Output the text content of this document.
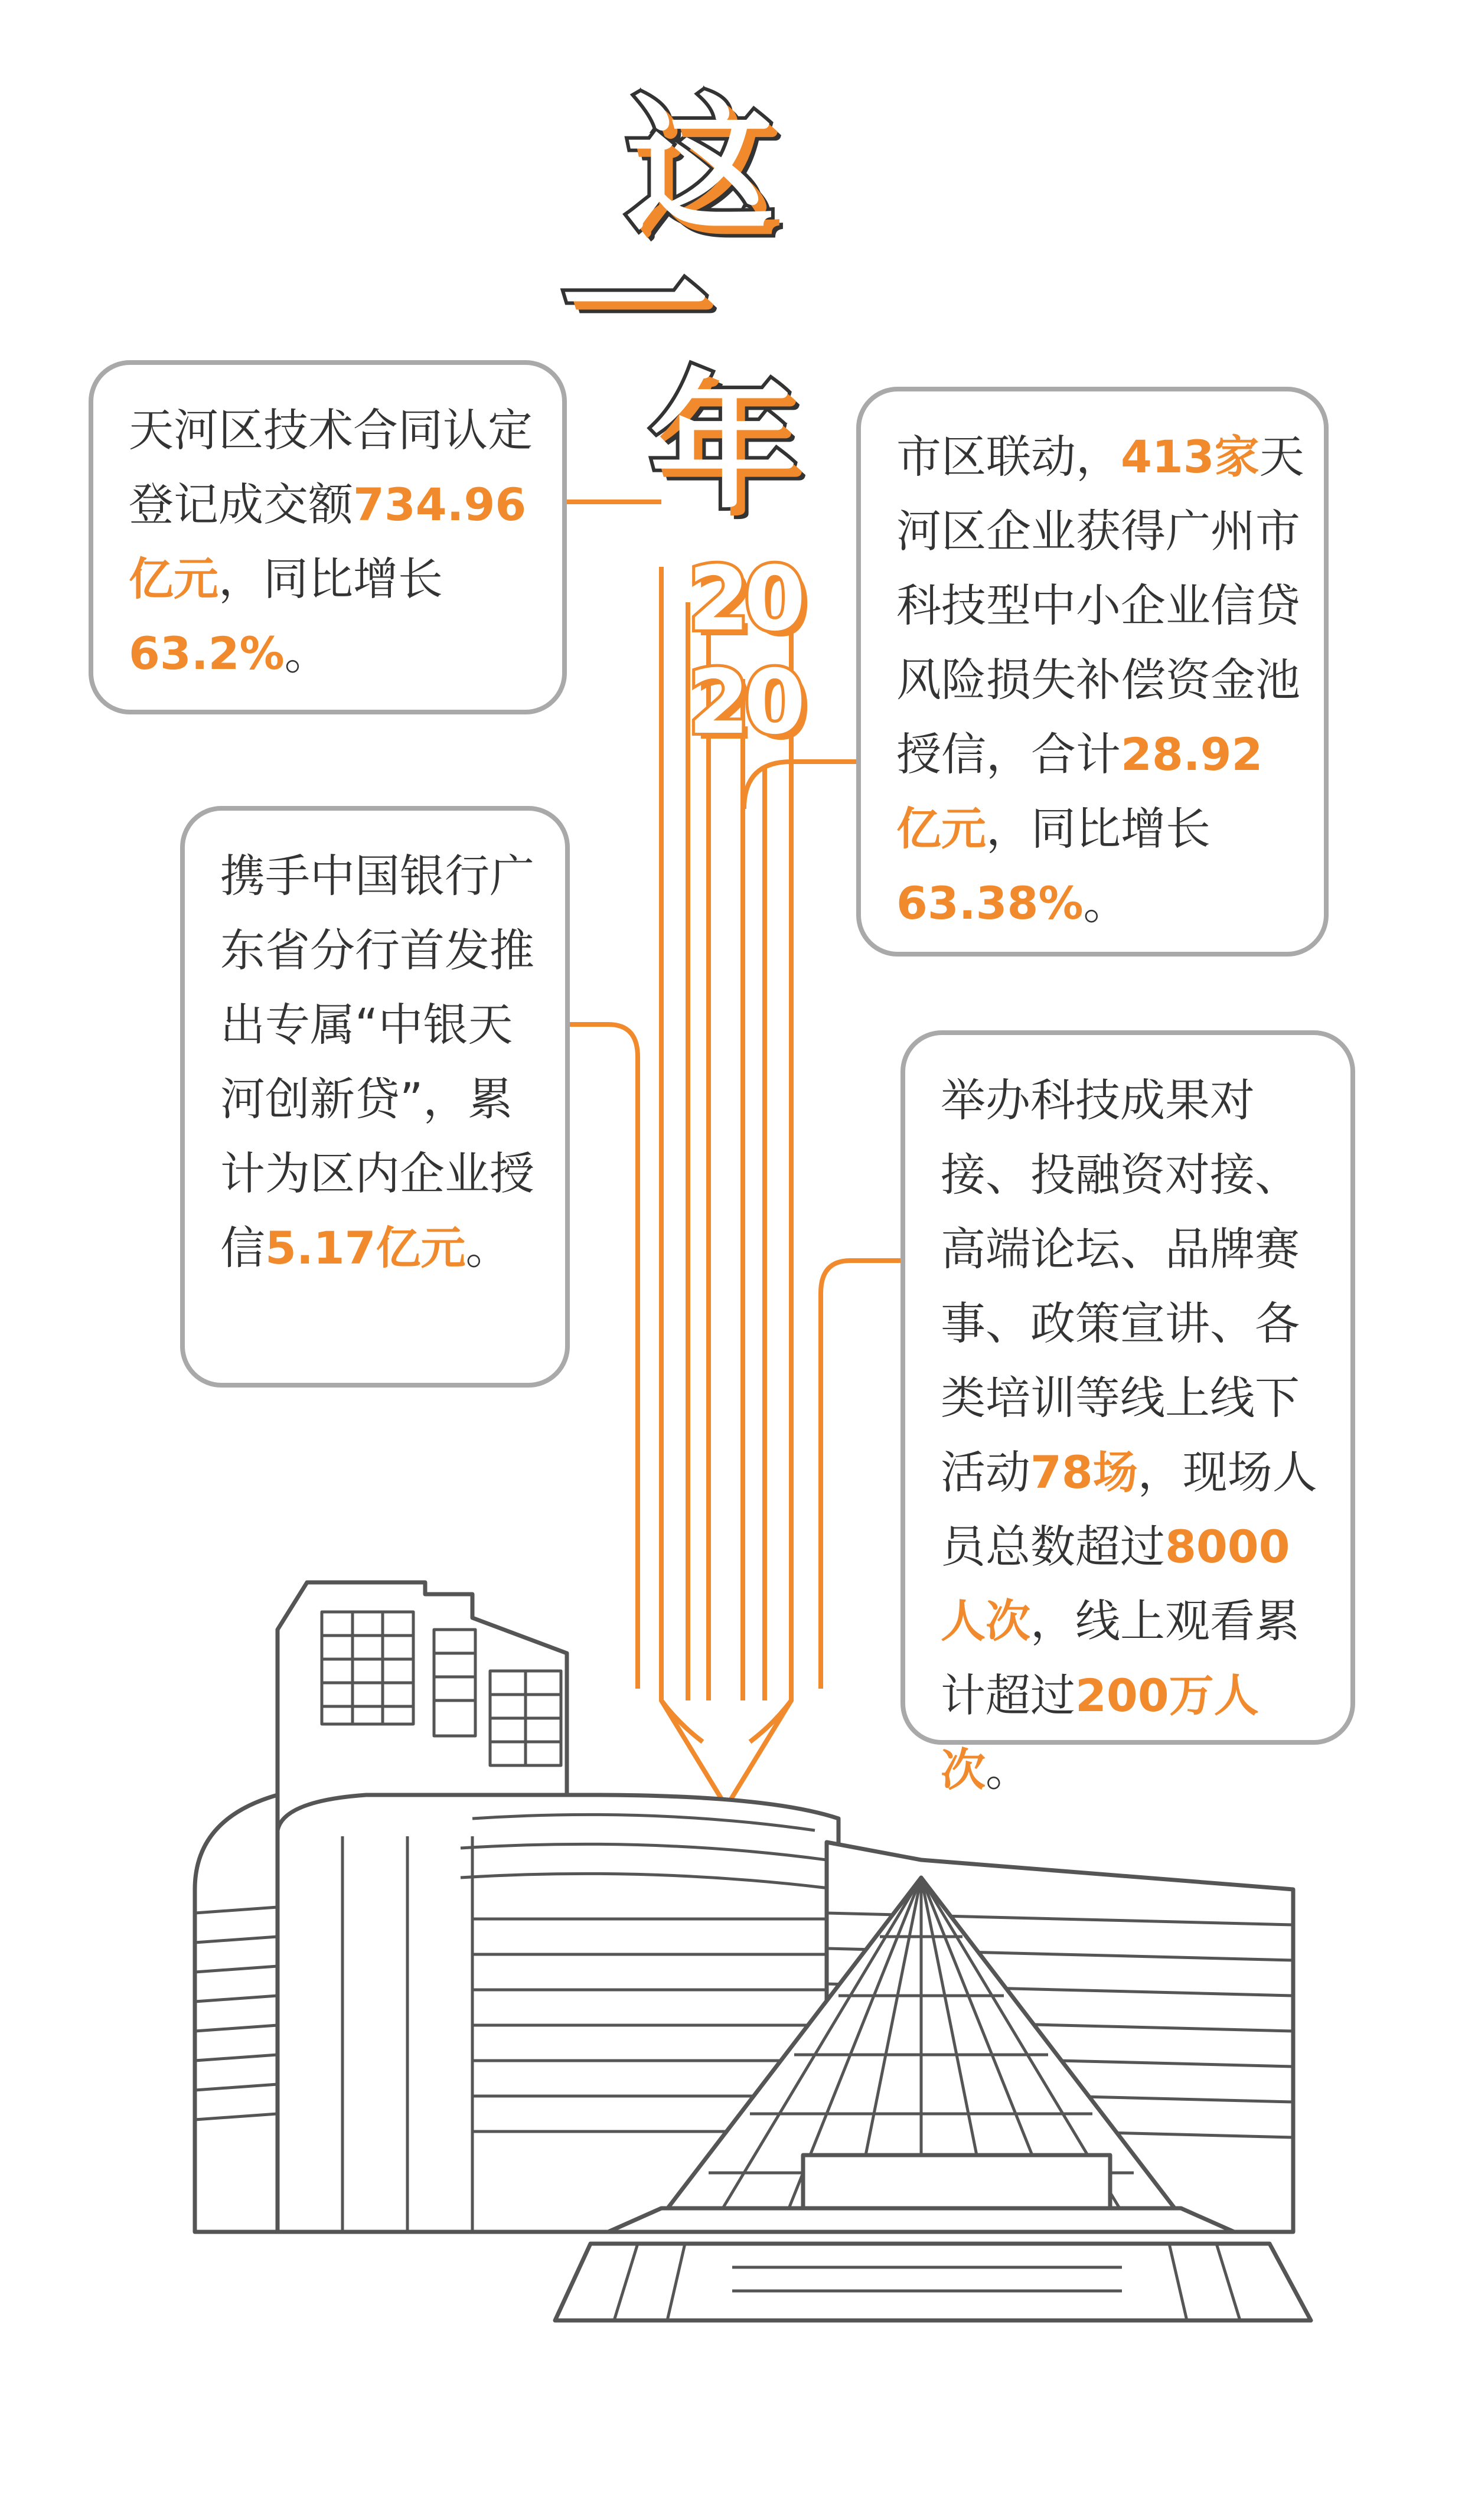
这
一
年
2
0
2
0
天河区技术合同认定登记成交额734.96亿元，同比增长63.2%。
市区联动，413家天河区企业获得广州市科技型中小企业信贷风险损失补偿资金池授信，合计28.92亿元，同比增长63.38%。
携手中国银行广东省分行首发推出专属“中银天河创新贷”，累计为区内企业授信5.17亿元。
举办科技成果对接、投融资对接、高端论坛、品牌赛事、政策宣讲、各类培训等线上线下活动78场，现场人员总数超过8000人次，线上观看累计超过200万人次。
